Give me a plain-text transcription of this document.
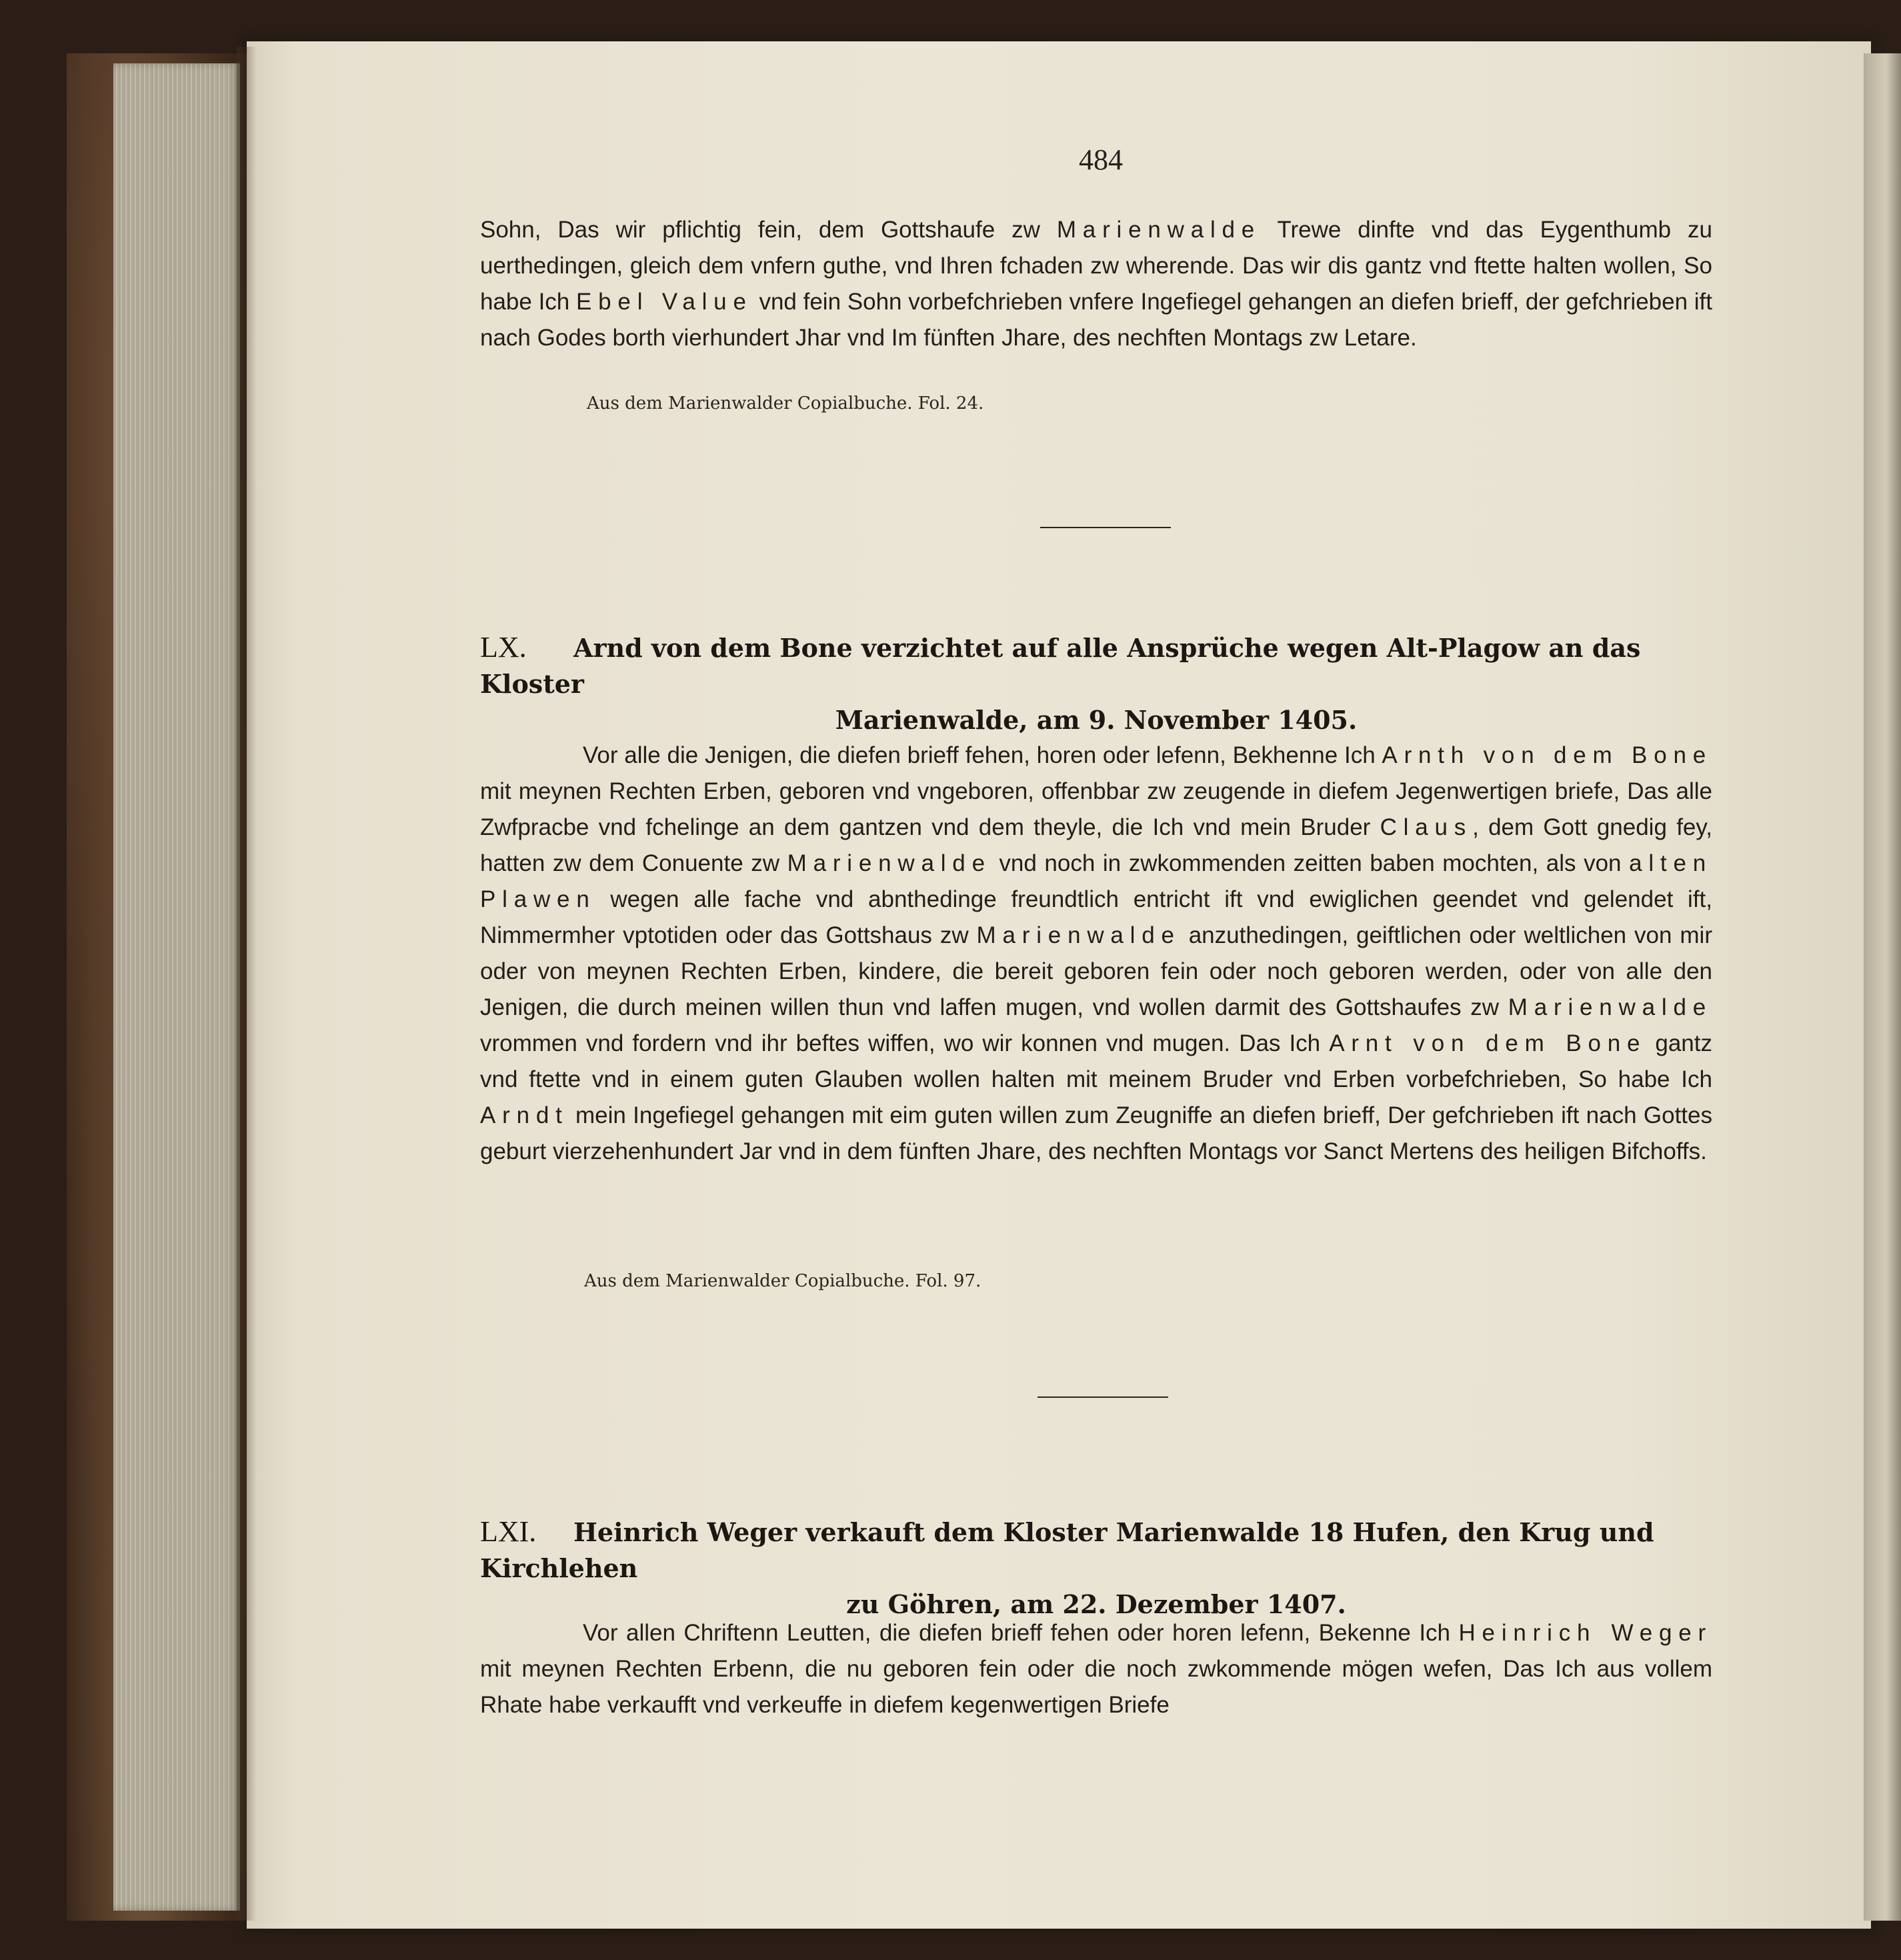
484

Sohn, Das wir pflichtig fein, dem Gottshaufe zw Marienwalde Trewe dinfte vnd das Eygenthumb zu uerthedingen, gleich dem vnfern guthe, vnd Ihren fchaden zw wherende. Das wir dis gantz vnd ftette halten wollen, So habe Ich Ebel Value vnd fein Sohn vorbefchrieben vnfere Ingefiegel gehangen an diefen brieff, der gefchrieben ift nach Godes borth vierhundert Jhar vnd Im fünften Jhare, des nechften Montags zw Letare.

Aus dem Marienwalder Copialbuche. Fol. 24.

LX. Arnd von dem Bone verzichtet auf alle Ansprüche wegen Alt-Plagow an das Kloster
Marienwalde, am 9. November 1405.

Vor alle die Jenigen, die diefen brieff fehen, horen oder lefenn, Bekhenne Ich Arnth von dem Bone mit meynen Rechten Erben, geboren vnd vngeboren, offenbbar zw zeugende in diefem Jegenwertigen briefe, Das alle Zwfpracbe vnd fchelinge an dem gantzen vnd dem theyle, die Ich vnd mein Bruder Claus, dem Gott gnedig fey, hatten zw dem Conuente zw Marienwalde vnd noch in zwkommenden zeitten baben mochten, als von alten Plawen wegen alle fache vnd abnthedinge freundtlich entricht ift vnd ewiglichen geendet vnd gelendet ift, Nimmermher vptotiden oder das Gottshaus zw Marienwalde anzuthedingen, geiftlichen oder weltlichen von mir oder von meynen Rechten Erben, kindere, die bereit geboren fein oder noch geboren werden, oder von alle den Jenigen, die durch meinen willen thun vnd laffen mugen, vnd wollen darmit des Gottshaufes zw Marienwalde vrommen vnd fordern vnd ihr beftes wiffen, wo wir konnen vnd mugen. Das Ich Arnt von dem Bone gantz vnd ftette vnd in einem guten Glauben wollen halten mit meinem Bruder vnd Erben vorbefchrieben, So habe Ich Arndt mein Ingefiegel gehangen mit eim guten willen zum Zeugniffe an diefen brieff, Der gefchrieben ift nach Gottes geburt vierzehenhundert Jar vnd in dem fünften Jhare, des nechften Montags vor Sanct Mertens des heiligen Bifchoffs.

Aus dem Marienwalder Copialbuche. Fol. 97.

LXI. Heinrich Weger verkauft dem Kloster Marienwalde 18 Hufen, den Krug und Kirchlehen
zu Göhren, am 22. Dezember 1407.

Vor allen Chriftenn Leutten, die diefen brieff fehen oder horen lefenn, Bekenne Ich Heinrich Weger mit meynen Rechten Erbenn, die nu geboren fein oder die noch zwkommende mögen wefen, Das Ich aus vollem Rhate habe verkaufft vnd verkeuffe in diefem kegenwertigen Briefe
